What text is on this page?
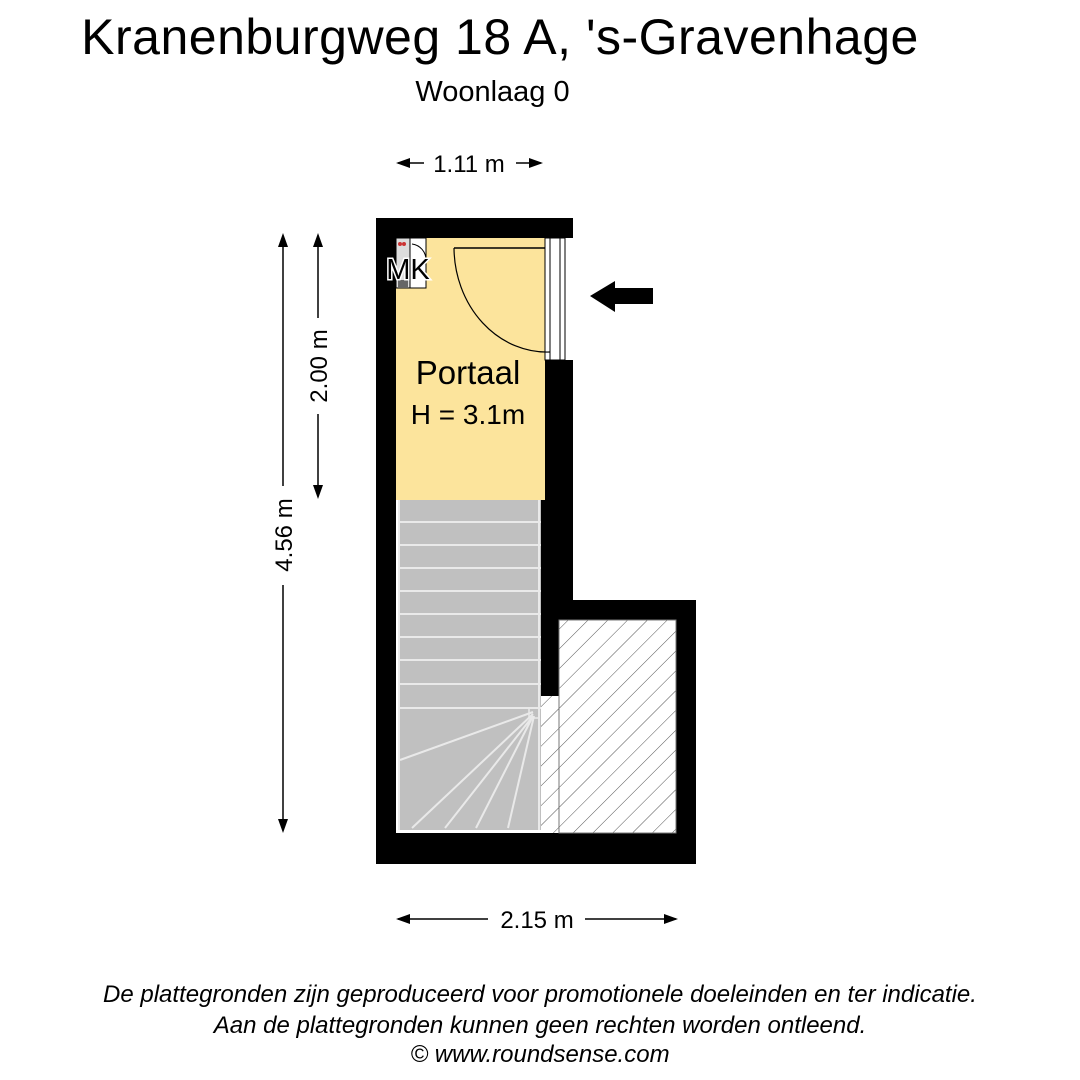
Kranenburgweg 18 A, 's-Gravenhage
Woonlaag 0
MK
Portaal
H = 3.1m
1.11 m
2.15 m
4.56 m
2.00 m
De plattegronden zijn geproduceerd voor promotionele doeleinden en ter indicatie.
Aan de plattegronden kunnen geen rechten worden ontleend.
© www.roundsense.com
